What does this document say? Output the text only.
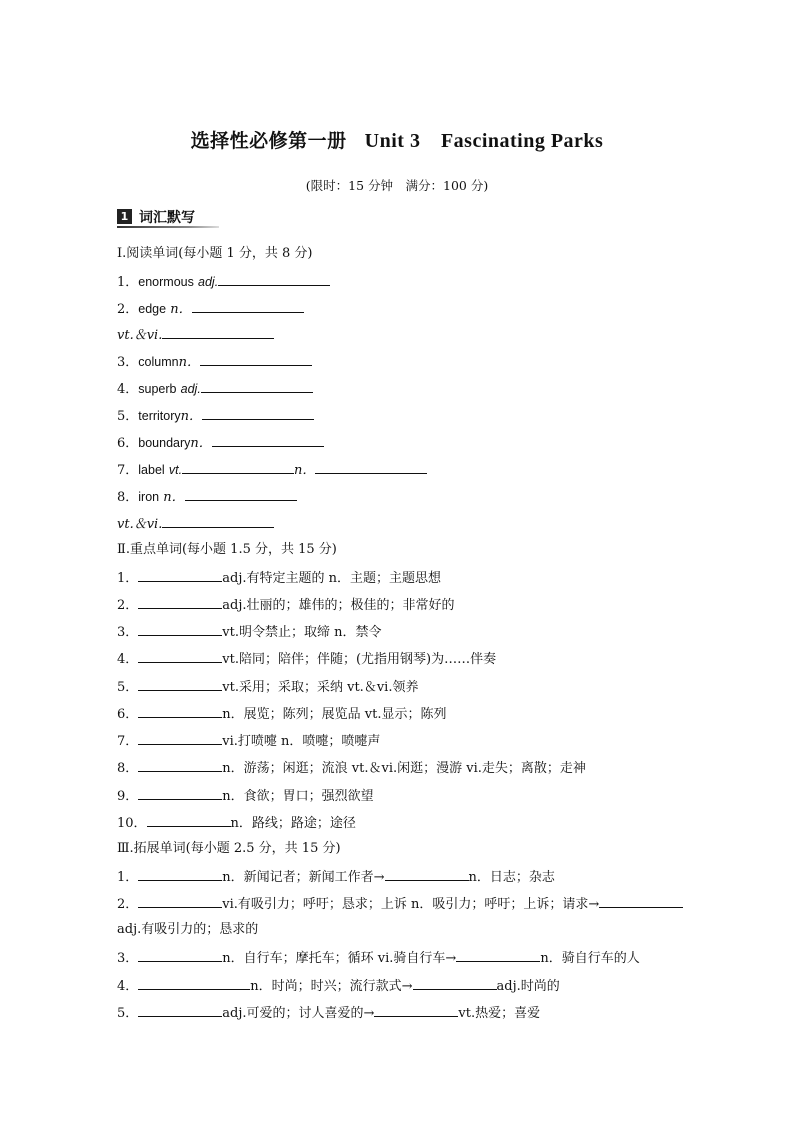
选择性必修第一册 Unit 3　Fascinating Parks
(限时：15 分钟　满分：100 分)
1 词汇默写
Ⅰ.阅读单词(每小题 1 分，共 8 分)
1．enormous adj.
2．edge n．
vt.＆vi.
3．columnn．
4．superb adj.
5．territoryn．
6．boundaryn．
7．label vt.	n．
8．iron n．
vt.＆vi.
Ⅱ.重点单词(每小题 1.5 分，共 15 分)
1．	adj.有特定主题的 n．主题；主题思想
2．	adj.壮丽的；雄伟的；极佳的；非常好的
3．	vt.明令禁止；取缔 n．禁令
4．	vt.陪同；陪伴；伴随；(尤指用钢琴)为……伴奏
5．	vt.采用；采取；采纳 vt.＆vi.领养
6．	n．展览；陈列；展览品 vt.显示；陈列
7．	vi.打喷嚏 n．喷嚏；喷嚏声
8．	n．游荡；闲逛；流浪 vt.＆vi.闲逛；漫游 vi.走失；离散；走神
9．	n．食欲；胃口；强烈欲望
10．	n．路线；路途；途径
Ⅲ.拓展单词(每小题 2.5 分，共 15 分)
1．	n．新闻记者；新闻工作者→	n．日志；杂志
2．	vi.有吸引力；呼吁；恳求；上诉 n．吸引力；呼吁；上诉；请求→
adj.有吸引力的；恳求的
3．	n．自行车；摩托车；循环 vi.骑自行车→	n．骑自行车的人
4．	n．时尚；时兴；流行款式→	adj.时尚的
5．	adj.可爱的；讨人喜爱的→	vt.热爱；喜爱
